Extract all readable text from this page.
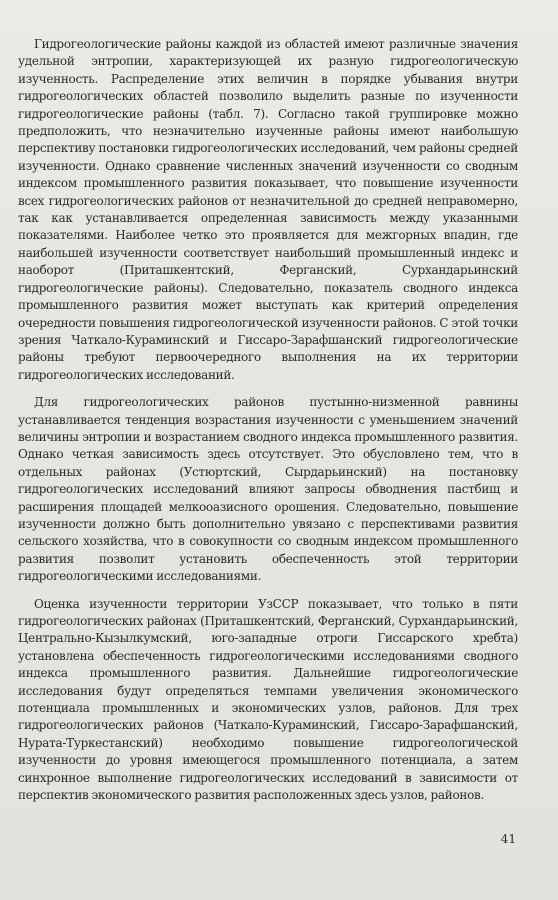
Гидрогеологические районы каждой из областей имеют различные значения удельной энтропии, характеризующей их разную гидрогеологическую изученность. Распределение этих величин в порядке убывания внутри гидрогеологических областей позволило выделить разные по изученности гидрогеологические районы (табл. 7). Согласно такой группировке можно предположить, что незначительно изученные районы имеют наибольшую перспективу постановки гидрогеологических исследований, чем районы средней изученности. Однако сравнение численных значений изученности со сводным индексом промышленного развития показывает, что повышение изученности всех гидрогеологических районов от незначительной до средней неправомерно, так как устанавливается определенная зависимость между указанными показателями. Наиболее четко это проявляется для межгорных впадин, где наибольшей изученности соответствует наибольший промышленный индекс и наоборот (Приташкентский, Ферганский, Сурхандарьинский гидрогеологические районы). Следовательно, показатель сводного индекса промышленного развития может выступать как критерий определения очередности повышения гидрогеологической изученности районов. С этой точки зрения Чаткало-Кураминский и Гиссаро-Зарафшанский гидрогеологические районы требуют первоочередного выполнения на их территории гидрогеологических исследований.

Для гидрогеологических районов пустынно-низменной равнины устанавливается тенденция возрастания изученности с уменьшением значений величины энтропии и возрастанием сводного индекса промышленного развития. Однако четкая зависимость здесь отсутствует. Это обусловлено тем, что в отдельных районах (Устюртский, Сырдарьинский) на постановку гидрогеологических исследований влияют запросы обводнения пастбищ и расширения площадей мелкооазисного орошения. Следовательно, повышение изученности должно быть дополнительно увязано с перспективами развития сельского хозяйства, что в совокупности со сводным индексом промышленного развития позволит установить обеспеченность этой территории гидрогеологическими исследованиями.

Оценка изученности территории УзССР показывает, что только в пяти гидрогеологических районах (Приташкентский, Ферганский, Сурхандарьинский, Центрально-Кызылкумский, юго-западные отроги Гиссарского хребта) установлена обеспеченность гидрогеологическими исследованиями сводного индекса промышленного развития. Дальнейшие гидрогеологические исследования будут определяться темпами увеличения экономического потенциала промышленных и экономических узлов, районов. Для трех гидрогеологических районов (Чаткало-Кураминский, Гиссаро-Зарафшанский, Нурата-Туркестанский) необходимо повышение гидрогеологической изученности до уровня имеющегося промышленного потенциала, а затем синхронное выполнение гидрогеологических исследований в зависимости от перспектив экономического развития расположенных здесь узлов, районов.

41
